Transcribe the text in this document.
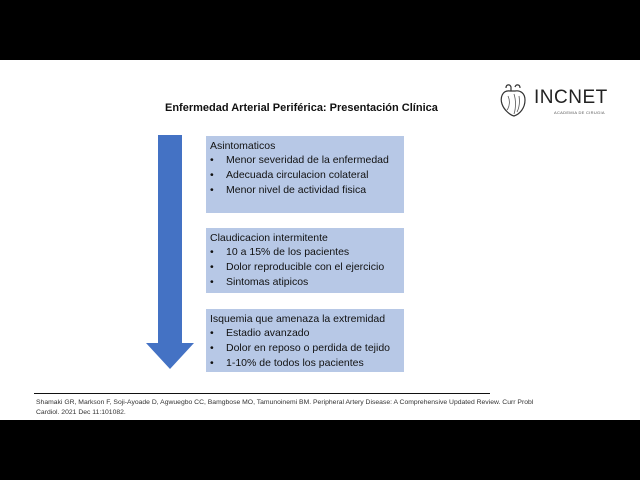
Enfermedad Arterial Periférica: Presentación Clínica	INCNET
ACADEMIA DE CIRUGIA
Asintomaticos
• Menor severidad de la enfermedad
• Adecuada circulacion colateral
• Menor nivel de actividad fisica
Claudicacion intermitente
• 10 a 15% de los pacientes
• Dolor reproducible con el ejercicio
• Sintomas atipicos
Isquemia que amenaza la extremidad
• Estadio avanzado
• Dolor en reposo o perdida de tejido
• 1-10% de todos los pacientes
Shamaki GR, Markson F, Soji-Ayoade D, Agwuegbo CC, Bamgbose MO, Tamunoinemi BM. Peripheral Artery Disease: A Comprehensive Updated Review. Curr Probl Cardiol. 2021 Dec 11:101082.
